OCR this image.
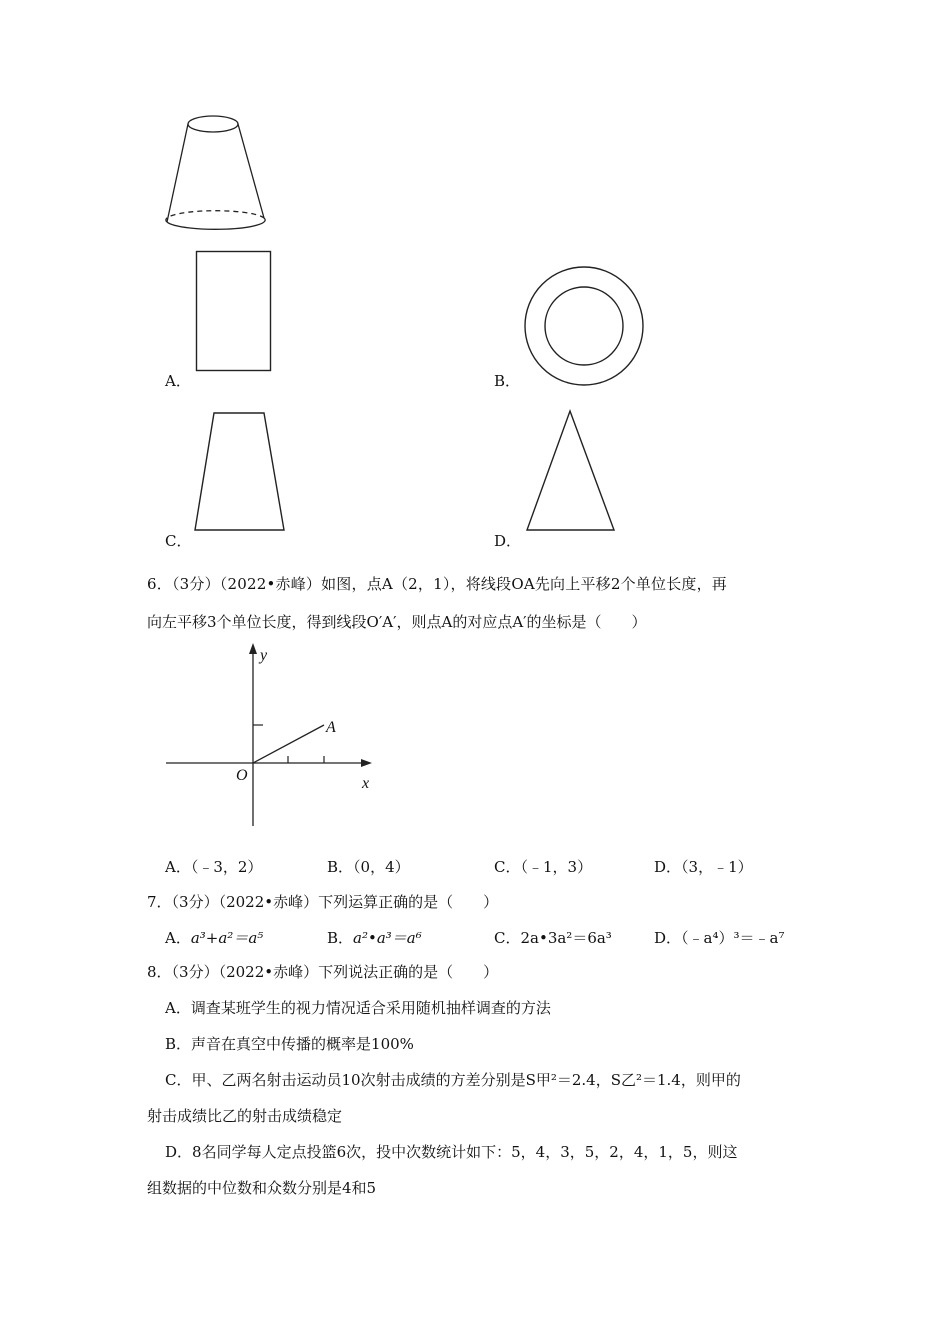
A．	B．
C．	D．
6．（3分）（2022•赤峰）如图，点A（2，1），将线段OA先向上平移2个单位长度，再
向左平移3个单位长度，得到线段O′A′，则点A的对应点A′的坐标是（　　）
y
x
O
A
A．（﹣3，2）	B．（0，4）	C．（﹣1，3）	D．（3，﹣1）
7．（3分）（2022•赤峰）下列运算正确的是（　　）
A．a³+a²＝a⁵	B．a²•a³＝a⁶	C．2a•3a²＝6a³	D．（﹣a⁴）³＝﹣a⁷
8．（3分）（2022•赤峰）下列说法正确的是（　　）
A．调查某班学生的视力情况适合采用随机抽样调查的方法
B．声音在真空中传播的概率是100%
C．甲、乙两名射击运动员10次射击成绩的方差分别是S甲²＝2.4，S乙²＝1.4，则甲的
射击成绩比乙的射击成绩稳定
D．8名同学每人定点投篮6次，投中次数统计如下：5，4，3，5，2，4，1，5，则这
组数据的中位数和众数分别是4和5
